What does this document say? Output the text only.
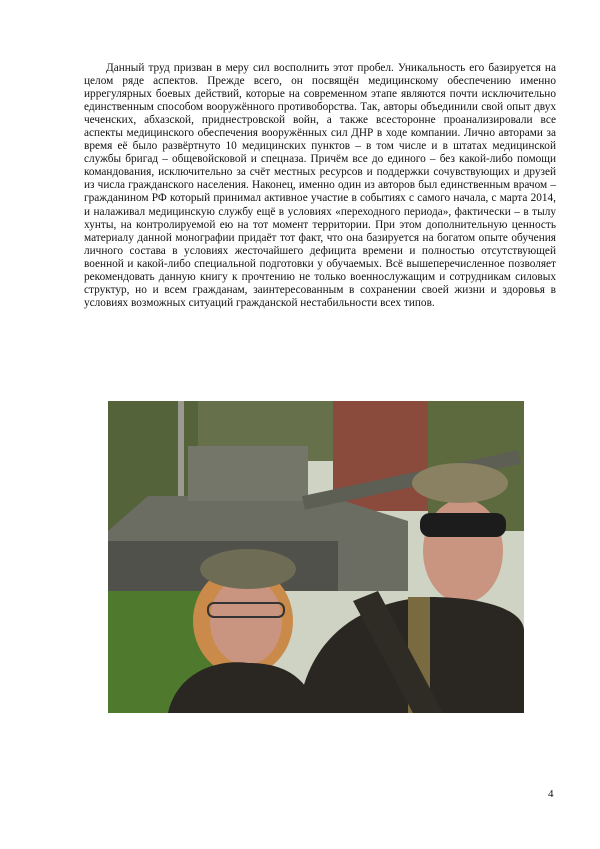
Данный труд призван в меру сил восполнить этот пробел. Уникальность его базируется на целом ряде аспектов. Прежде всего, он посвящён медицинскому обеспечению именно иррегулярных боевых действий, которые на современном этапе являются почти исключительно единственным способом вооружённого противоборства. Так, авторы объединили свой опыт двух чеченских, абхазской, приднестровской войн, а также всесторонне проанализировали все аспекты медицинского обеспечения вооружённых сил ДНР в ходе компании. Лично авторами за время её было развёртнуто 10 медицинских пунктов – в том числе и в штатах медицинской службы бригад – общевойсковой и спецназа. Причём все до единого – без какой-либо помощи командования, исключительно за счёт местных ресурсов и поддержки сочувствующих и друзей из числа гражданского населения. Наконец, именно один из авторов был единственным врачом – гражданином РФ который принимал активное участие в событиях с самого начала, с марта 2014, и налаживал медицинскую службу ещё в условиях «переходного периода», фактически – в тылу хунты, на контролируемой ею на тот момент территории. При этом дополнительную ценность материалу данной монографии придаёт тот факт, что она базируется на богатом опыте обучения личного состава в условиях жесточайшего дефицита времени и полностью отсутствующей военной и какой-либо специальной подготовки у обучаемых. Всё вышеперечисленное позволяет рекомендовать данную книгу к прочтению не только военнослужащим и сотрудникам силовых структур, но и всем гражданам, заинтересованным в сохранении своей жизни и здоровья в условиях возможных ситуаций гражданской нестабильности всех типов.

4
